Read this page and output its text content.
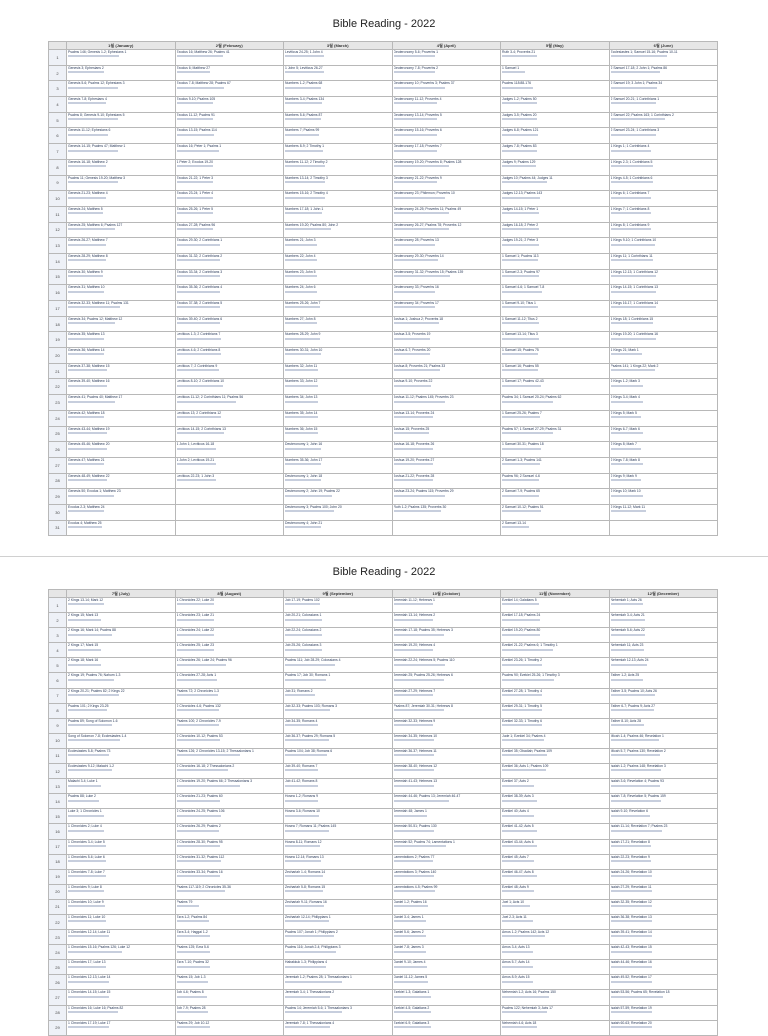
Bible Reading - 2022
	1월 (January)	2월 (February)	3월 (March)	4월 (April)	5월 (May)	6월 (June)
1	Psalms 146; Genesis 1-2; Ephesians 1	Exodus 16; Matthew 26; Psalms 41	Leviticus 24-25; 1 John 4	Deuteronomy 5-6; Proverbs 1	Ruth 3-4; Proverbs 21	Ecclesiastes 1; Samuel 15-16; Psalms 10-11

2	Genesis 3; Ephesians 2	Exodus 6; Matthew 27	1 John 5; Leviticus 26-27	Deuteronomy 7-8; Proverbs 2	1 Samuel 1	2 Samuel 17-18; 2 John 1; Psalms 86

3	Genesis 5-6; Psalms 12; Ephesians 3	Exodus 7-8; Matthew 28; Psalms 67	Numbers 1-2; Psalms 68	Deuteronomy 10; Proverbs 3; Psalms 37	Psalms 118:88-176	2 Samuel 19; 3 John 1; Psalms 34

4	Genesis 7-8; Ephesians 4	Exodus 9-10; Psalms 105	Numbers 3-4; Psalms 134	Deuteronomy 11-12; Proverbs 4	Judges 1-2; Psalms 50	2 Samuel 20-21; 1 Corinthians 1

5	Psalms 8; Genesis 9-10; Ephesians 5	Exodus 11-12; Psalms 91	Numbers 5-6; Psalms 87	Deuteronomy 13-14; Proverbs 5	Judges 3-5; Psalms 20	2 Samuel 22; Psalms 163; 1 Corinthians 2

6	Genesis 11-12; Ephesians 6	Exodus 13-15; Psalms 114	Numbers 7; Psalms 99	Deuteronomy 15-16; Proverbs 6	Judges 6-8; Psalms 121	2 Samuel 23-24; 1 Corinthians 3

7	Genesis 14-15; Psalms 47; Matthew 1	Exodus 16; Peter 1; Psalms 1	Numbers 8-9; 2 Timothy 1	Deuteronomy 17-18; Proverbs 7	Judges 7-8; Psalms 83	1 Kings 1; 1 Corinthians 4

8	Genesis 16-18; Matthew 2	1 Peter 2; Exodus 19-20	Numbers 11-12; 2 Timothy 2	Deuteronomy 19-20; Proverbs 8; Psalms 128	Judges 9; Psalms 129	1 Kings 2-3; 1 Corinthians 5

9	Psalms 11; Genesis 19-20; Matthew 3	Exodus 21-22; 1 Peter 3	Numbers 13-14; 2 Timothy 3	Deuteronomy 21-22; Proverbs 9	Judges 10; Psalms 44; Judges 11	1 Kings 4-5; 1 Corinthians 6

10	Genesis 21-23; Matthew 4	Exodus 23-24; 1 Peter 4	Numbers 15-16; 2 Timothy 4	Deuteronomy 23; Philemon; Proverbs 10	Judges 12-13; Psalms 143	1 Kings 6; 1 Corinthians 7

11	Genesis 24; Matthew 5	Exodus 25-26; 1 Peter 5	Numbers 17-18; 1 John 1	Deuteronomy 24-25; Proverbs 11; Psalms 49	Judges 14-15; 1 Peter 1	1 Kings 7; 1 Corinthians 8

12	Genesis 25; Matthew 6; Psalms 127	Exodus 27-28; Psalms 96	Numbers 19-20; Psalms 80; John 2	Deuteronomy 26-27; Psalms 78; Proverbs 12	Judges 16-18; 2 Peter 2	1 Kings 8; 1 Corinthians 9

13	Genesis 26-27; Matthew 7	Exodus 29-30; 2 Corinthians 1	Numbers 21; John 3	Deuteronomy 28; Proverbs 13	Judges 19-21; 2 Peter 3	1 Kings 9-10; 1 Corinthians 10

14	Genesis 28-29; Matthew 8	Exodus 31-32; 2 Corinthians 2	Numbers 22; John 4	Deuteronomy 29-30; Proverbs 14	1 Samuel 1; Psalms 113	1 Kings 11; 1 Corinthians 11

15	Genesis 30; Matthew 9	Exodus 33-34; 2 Corinthians 3	Numbers 23; John 5	Deuteronomy 31-32; Proverbs 15; Psalms 139	1 Samuel 2-3; Psalms 97	1 Kings 12-13; 1 Corinthians 12

16	Genesis 31; Matthew 10	Exodus 35-36; 2 Corinthians 4	Numbers 24; John 6	Deuteronomy 33; Proverbs 16	1 Samuel 4-6; 1 Samuel 7-8	1 Kings 14-15; 1 Corinthians 13

17	Genesis 32-33; Matthew 11; Psalms 131	Exodus 37-38; 2 Corinthians 5	Numbers 25-26; John 7	Deuteronomy 34; Proverbs 17	1 Samuel 9-10; Titus 1	1 Kings 16-17; 1 Corinthians 14

18	Genesis 34; Psalms 12; Matthew 12	Exodus 39-40; 2 Corinthians 6	Numbers 27; John 8	Joshua 1; Joshua 2; Proverbs 18	1 Samuel 11-12; Titus 2	1 Kings 18; 1 Corinthians 15

19	Genesis 35; Matthew 13	Leviticus 1-3; 2 Corinthians 7	Numbers 28-29; John 9	Joshua 3-5; Proverbs 19	1 Samuel 13-14; Titus 3	1 Kings 19-20; 1 Corinthians 16

20	Genesis 36; Matthew 14	Leviticus 4-6; 2 Corinthians 8	Numbers 30-31; John 10	Joshua 6-7; Proverbs 20	1 Samuel 15; Psalms 75	1 Kings 21; Mark 1

21	Genesis 37-38; Matthew 15	Leviticus 7; 2 Corinthians 9	Numbers 32; John 11	Joshua 8; Proverbs 21; Psalms 33	1 Samuel 16; Psalms 55	Psalms 141; 1 Kings 22; Mark 2

22	Genesis 39-40; Matthew 16	Leviticus 8-10; 2 Corinthians 10	Numbers 33; John 12	Joshua 9-10; Proverbs 22	1 Samuel 17; Psalms 42-43	2 Kings 1-2; Mark 3

23	Genesis 41; Psalms 40; Matthew 17	Leviticus 11-12; 2 Corinthians 11; Psalms 56	Numbers 34; John 13	Joshua 11-12; Psalms 145; Proverbs 23	Psalms 34; 1 Samuel 20-24; Psalms 62	2 Kings 3-4; Mark 4

24	Genesis 42; Matthew 18	Leviticus 13; 2 Corinthians 12	Numbers 35; John 14	Joshua 13-14; Proverbs 24	1 Samuel 25-26; Psalms 7	2 Kings 5; Mark 5

25	Genesis 43-44; Matthew 19	Leviticus 14-15; 2 Corinthians 13	Numbers 36; John 15	Joshua 15; Proverbs 25	Psalms 57; 1 Samuel 27-29; Psalms 31	2 Kings 6-7; Mark 6

26	Genesis 45-46; Matthew 20	1 John 1; Leviticus 16-18	Deuteronomy 1; John 16	Joshua 16-18; Proverbs 26	1 Samuel 30-31; Psalms 18	2 Kings 8; Mark 7

27	Genesis 47; Matthew 21	1 John 2; Leviticus 19-21	Numbers 35-36; John 17	Joshua 19-20; Proverbs 27	2 Samuel 1-3; Psalms 141	2 Kings 7-8; Mark 8

28	Genesis 48-49; Matthew 22	Leviticus 22-23; 1 John 3	Deuteronomy 1; John 18	Joshua 21-22; Proverbs 28	Psalms 96; 2 Samuel 4-6	2 Kings 9; Mark 9

29	Genesis 50; Exodus 1; Matthew 23		Deuteronomy 2; John 19; Psalms 22	Joshua 23-24; Psalms 115; Proverbs 29	2 Samuel 7-9; Psalms 65	2 Kings 10; Mark 10

30	Exodus 2-3; Matthew 24		Deuteronomy 3; Psalms 100; John 20	Ruth 1-2; Psalms 135; Proverbs 30	2 Samuel 10-12; Psalms 51	2 Kings 11-12; Mark 11

31	Exodus 4; Matthew 25		Deuteronomy 4; John 21		2 Samuel 13-14	

Bible Reading - 2022
	7월 (July)	8월 (August)	9월 (September)	10월 (October)	11월 (November)	12월 (December)
1	2 Kings 13-14; Mark 12	1 Chronicles 22; Luke 20	Job 17-19; Psalms 102	Jeremiah 11-12; Hebrews 1	Ezekiel 14; Galatians 5	Nehemiah 1; Acts 26

2	2 Kings 15; Mark 13	1 Chronicles 23; Luke 21	Job 20-21; Colossians 1	Jeremiah 13-14; Hebrews 2	Ezekiel 17-18; Psalms 24	Nehemiah 3-4; Acts 21

3	2 Kings 16; Mark 14; Psalms 88	1 Chronicles 24; Luke 22	Job 22-24; Colossians 2	Jeremiah 17-18; Psalms 35; Hebrews 3	Ezekiel 19-20; Psalms 80	Nehemiah 5-6; Acts 22

4	2 Kings 17; Mark 15	1 Chronicles 25; Luke 23	Job 25-26; Colossians 3	Jeremiah 19-20; Hebrews 4	Ezekiel 21-22; Psalms 6; 1 Timothy 1	Nehemiah 11; Acts 23

5	2 Kings 18; Mark 16	1 Chronicles 26; Luke 24; Psalms 96	Psalms 111; Job 28-29; Colossians 4	Jeremiah 22-24; Hebrews 5; Psalms 110	Ezekiel 23-26; 1 Timothy 2	Nehemiah 12-13; Acts 24

6	2 Kings 19; Psalms 76; Nahum 1-3	1 Chronicles 27-28; Acts 1	Psalms 17; Job 30; Romans 1	Jeremiah 25; Psalms 25-26; Hebrews 6	Psalms 90; Ezekiel 25-26; 1 Timothy 3	Esther 1-2; Acts 25

7	2 Kings 20-21; Psalms 82; 2 Kings 22	Psalms 72; 2 Chronicles 1-3	Job 31; Romans 2	Jeremiah 27-29; Hebrews 7	Ezekiel 27-28; 1 Timothy 4	Esther 3-5; Psalms 10; Acts 26

8	Psalms 101; 2 Kings 23-25	2 Chronicles 4-6; Psalms 132	Job 32-33; Psalms 103; Romans 3	Psalms 87; Jeremiah 30-31; Hebrews 8	Ezekiel 29-31; 1 Timothy 5	Esther 6-7; Psalms 9; Acts 27

9	Psalms 89; Song of Solomon 1-6	Psalms 100; 2 Chronicles 7-9	Job 34-35; Romans 4	Jeremiah 32-33; Hebrews 9	Ezekiel 32-33; 1 Timothy 6	Esther 8-10; Acts 28

10	Song of Solomon 7-8; Ecclesiastes 1-4	2 Chronicles 10-12; Psalms 53	Job 36-37; Psalms 29; Romans 5	Jeremiah 34-35; Hebrews 10	Jude 1; Ezekiel 34; Psalms 4	Micah 1-4; Psalms 46; Revelation 1

11	Ecclesiastes 5-8; Psalms 73	Psalms 126; 2 Chronicles 13-15; 2 Thessalonians 1	Psalms 104; Job 38; Romans 6	Jeremiah 36-37; Hebrews 11	Ezekiel 35; Obadiah; Psalms 109	Micah 5-7; Psalms 130; Revelation 2

12	Ecclesiastes 9-12; Malachi 1-2	2 Chronicles 16-18; 2 Thessalonians 2	Job 39-40; Romans 7	Jeremiah 38-40; Hebrews 12	Ezekiel 36; Acts 1; Psalms 109	Isaiah 1-2; Psalms 148; Revelation 3

13	Malachi 3-4; Luke 1	2 Chronicles 19-20; Psalms 66; 2 Thessalonians 3	Job 41-42; Romans 8	Jeremiah 41-43; Hebrews 13	Ezekiel 37; Acts 2	Isaiah 3-6; Revelation 4; Psalms 93

14	Psalms 88; Luke 2	2 Chronicles 21-23; Psalms 60	Hosea 1-2; Romans 9	Jeremiah 44-46; Psalms 13; Jeremiah 46-47	Ezekiel 38-39; Acts 3	Isaiah 7-8; Revelation 5; Psalms 159

15	Luke 3; 1 Chronicles 1	2 Chronicles 24-25; Psalms 106	Hosea 3-6; Romans 10	Jeremiah 48; James 1	Ezekiel 40; Acts 4	Isaiah 9-10; Revelation 6

16	1 Chronicles 2; Luke 4	2 Chronicles 26-29; Psalms 2	Hosea 7; Romans 11; Psalms 145	Jeremiah 50-51; Psalms 130	Ezekiel 41-42; Acts 5	Isaiah 11-14; Revelation 7; Psalms 23

17	1 Chronicles 3-4; Luke 5	2 Chronicles 28-30; Psalms 95	Hosea 8-11; Romans 12	Jeremiah 52; Psalms 74; Lamentations 1	Ezekiel 43-44; Acts 6	Isaiah 17-21; Revelation 8

18	1 Chronicles 5-6; Luke 6	2 Chronicles 31-32; Psalms 112	Hosea 12-14; Romans 13	Lamentations 2; Psalms 77	Ezekiel 45; Acts 7	Isaiah 22-23; Revelation 9

19	1 Chronicles 7-8; Luke 7	2 Chronicles 33-34; Psalms 16	Zechariah 1-4; Romans 14	Lamentations 3; Psalms 140	Ezekiel 46-47; Acts 8	Isaiah 24-26; Revelation 10

20	1 Chronicles 9; Luke 8	Psalms 117-119; 2 Chronicles 35-36	Zechariah 5-8; Romans 15	Lamentations 4-5; Psalms 99	Ezekiel 48; Acts 9	Isaiah 27-29; Revelation 11

21	1 Chronicles 10; Luke 9	Psalms 79	Zechariah 9-11; Romans 16	Daniel 1-2; Psalms 16	Joel 1; Acts 10	Isaiah 32-35; Revelation 12

22	1 Chronicles 11; Luke 10	Ezra 1-2; Psalms 84	Zechariah 12-14; Philippians 1	Daniel 3-4; James 1	Joel 2-3; Acts 11	Isaiah 36-38; Revelation 13

23	1 Chronicles 12-14; Luke 11	Ezra 3-4; Haggai 1-2	Psalms 107; Jonah 1; Philippians 2	Daniel 5-6; James 2	Amos 1-2; Psalms 142; Acts 12	Isaiah 39-41; Revelation 14

24	1 Chronicles 15-16; Psalms 126; Luke 12	Psalms 125; Ezra 5-6	Psalms 116; Jonah 2-4; Philippians 3	Daniel 7-8; James 3	Amos 3-4; Acts 13	Isaiah 42-43; Revelation 15

25	1 Chronicles 17; Luke 13	Ezra 7-10; Psalms 32	Habakkuk 1-3; Philippians 4	Daniel 9-10; James 4	Amos 5-7; Acts 14	Isaiah 44-46; Revelation 16

26	1 Chronicles 12-13; Luke 14	Psalms 15; Job 1-3	Jeremiah 1-2; Psalms 28; 1 Thessalonians 1	Daniel 11-12; James 5	Amos 8-9; Acts 15	Isaiah 49-52; Revelation 17

27	1 Chronicles 14-15; Luke 15	Job 4-6; Psalms 8	Jeremiah 3-4; 1 Thessalonians 2	Ezekiel 1-3; Galatians 1	Nehemiah 1-2; Acts 16; Psalms 150	Isaiah 53-56; Psalms 65; Revelation 18

28	1 Chronicles 16; Luke 16; Psalms 82	Job 7-9; Psalms 28	Psalms 14; Jeremiah 5-6; 1 Thessalonians 3	Ezekiel 4-5; Galatians 2	Psalms 122; Nehemiah 3; Acts 17	Isaiah 57-59; Revelation 19

29	1 Chronicles 17-19; Luke 17	Psalms 29; Job 10-12	Jeremiah 7-8; 1 Thessalonians 4	Ezekiel 6-9; Galatians 3	Nehemiah 4-6; Acts 18	Isaiah 60-63; Revelation 20
